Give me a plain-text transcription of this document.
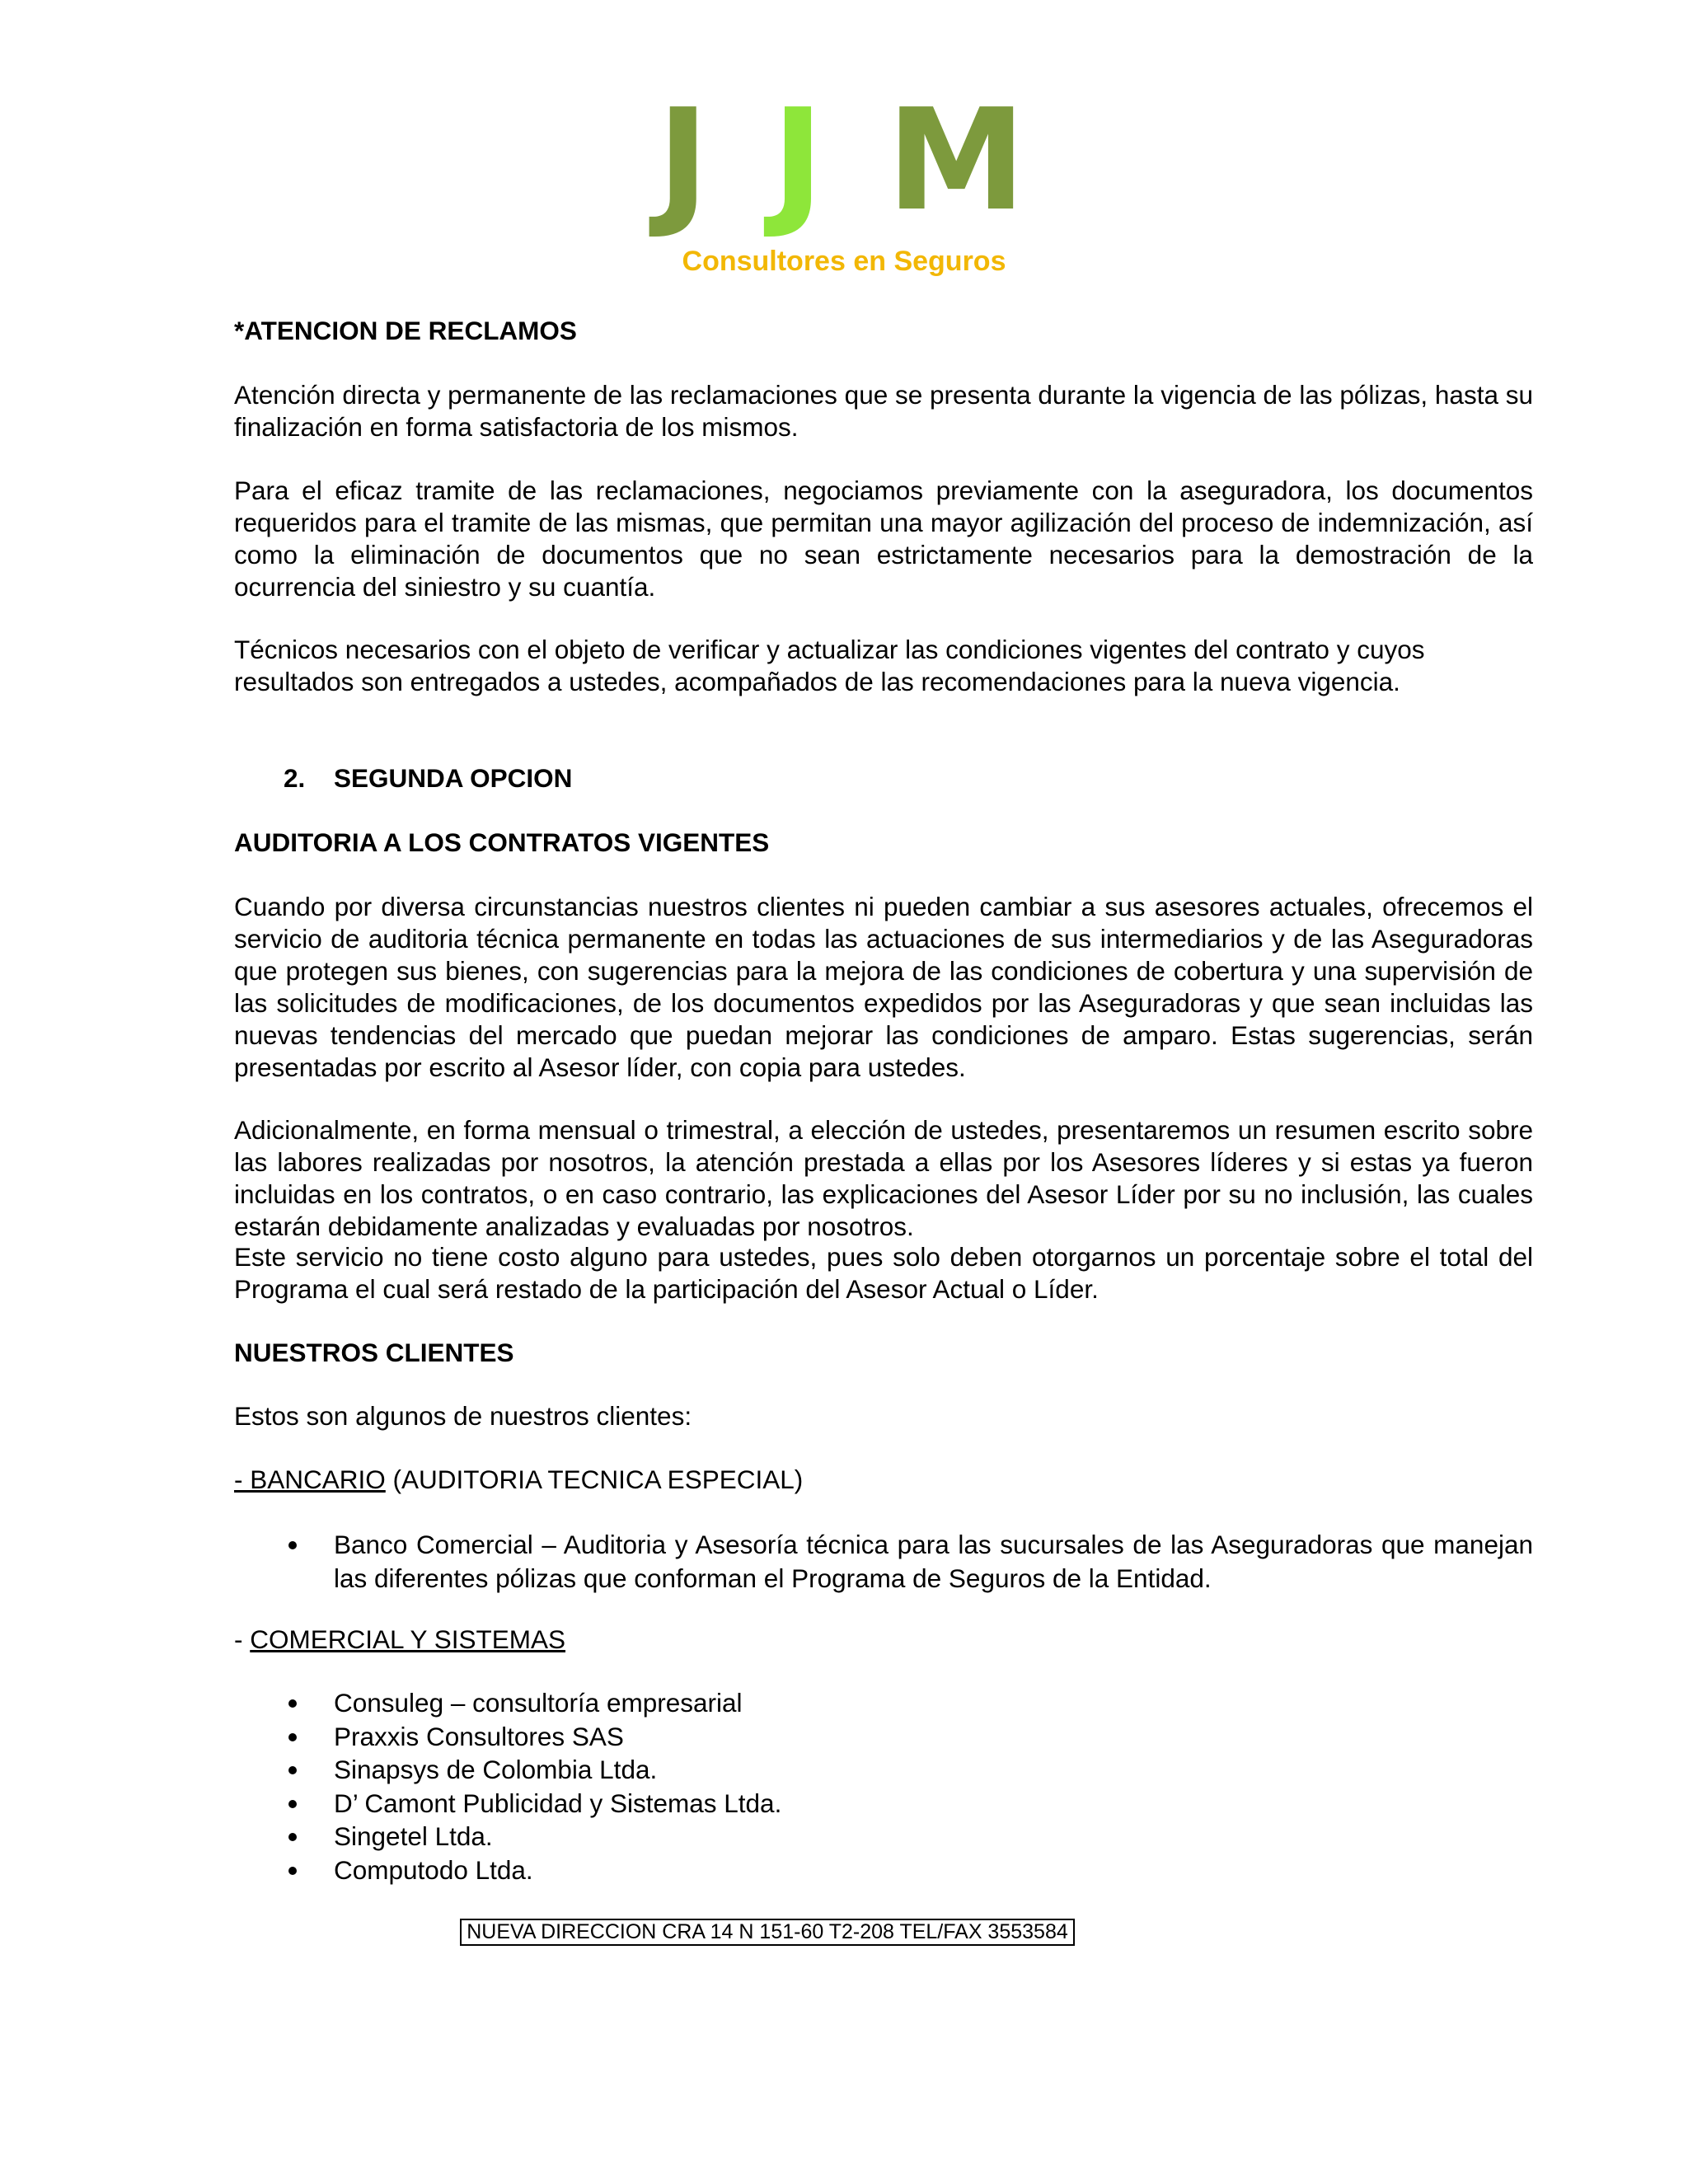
J J M
Consultores en Seguros

*ATENCION DE RECLAMOS

Atención directa y permanente de las reclamaciones que se presenta durante la vigencia de las pólizas, hasta su finalización en forma satisfactoria de los mismos.

Para el eficaz tramite de las reclamaciones, negociamos previamente con la aseguradora, los documentos requeridos para el tramite de las mismas, que permitan una mayor agilización del proceso de indemnización, así como la eliminación de documentos que no sean estrictamente necesarios para la demostración de la ocurrencia del siniestro y su cuantía.

Técnicos necesarios con el objeto de verificar y actualizar las condiciones vigentes del contrato y cuyos resultados son entregados a ustedes, acompañados de las recomendaciones para la nueva vigencia.

2. SEGUNDA OPCION

AUDITORIA A LOS CONTRATOS VIGENTES

Cuando por diversa circunstancias nuestros clientes ni pueden cambiar a sus asesores actuales, ofrecemos el servicio de auditoria técnica permanente en todas las actuaciones de sus intermediarios y de las Aseguradoras que protegen sus bienes, con sugerencias para la mejora de las condiciones de cobertura y una supervisión de las solicitudes de modificaciones, de los documentos expedidos por las Aseguradoras y que sean incluidas las nuevas tendencias del mercado que puedan mejorar las condiciones de amparo. Estas sugerencias, serán presentadas por escrito al Asesor líder, con copia para ustedes.

Adicionalmente, en forma mensual o trimestral, a elección de ustedes, presentaremos un resumen escrito sobre las labores realizadas por nosotros, la atención prestada a ellas por los Asesores líderes y si estas ya fueron incluidas en los contratos, o en caso contrario, las explicaciones del Asesor Líder por su no inclusión, las cuales estarán debidamente analizadas y evaluadas por nosotros.

Este servicio no tiene costo alguno para ustedes, pues solo deben otorgarnos un porcentaje sobre el total del Programa el cual será restado de la participación del Asesor Actual o Líder.

NUESTROS CLIENTES

Estos son algunos de nuestros clientes:

- BANCARIO (AUDITORIA TECNICA ESPECIAL)

Banco Comercial – Auditoria y Asesoría técnica para las sucursales de las Aseguradoras que manejan las diferentes pólizas que conforman el Programa de Seguros de la Entidad.

- COMERCIAL Y SISTEMAS

Consuleg – consultoría empresarial
Praxxis Consultores SAS
Sinapsys de Colombia Ltda.
D’ Camont Publicidad y Sistemas Ltda.
Singetel Ltda.
Computodo Ltda.
NUEVA DIRECCION CRA 14 N 151-60 T2-208 TEL/FAX 3553584
